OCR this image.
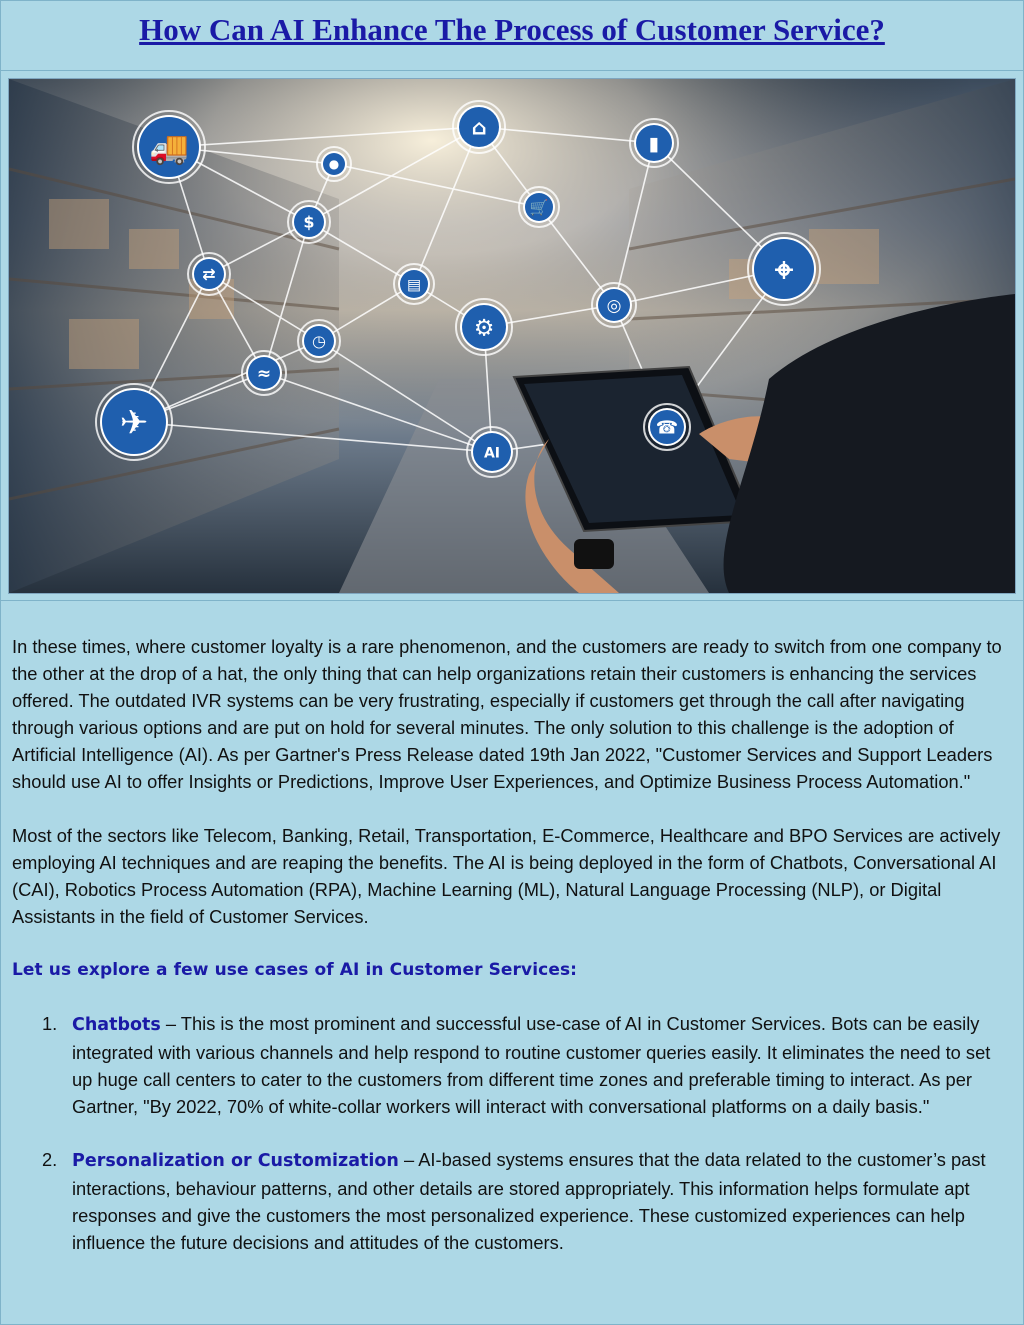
How Can AI Enhance The Process of Customer Service?
🚚
⌂
▮
●
🛒
$
⌖
⇄
▤
◎
⚙
◷
≈
✈
AI
☎

In these times, where customer loyalty is a rare phenomenon, and the customers are ready to switch from one company to the other at the drop of a hat, the only thing that can help organizations retain their customers is enhancing the services offered. The outdated IVR systems can be very frustrating, especially if customers get through the call after navigating through various options and are put on hold for several minutes. The only solution to this challenge is the adoption of Artificial Intelligence (AI). As per Gartner's Press Release dated 19th Jan 2022, "Customer Services and Support Leaders should use AI to offer Insights or Predictions, Improve User Experiences, and Optimize Business Process Automation."

Most of the sectors like Telecom, Banking, Retail, Transportation, E-Commerce, Healthcare and BPO Services are actively employing AI techniques and are reaping the benefits. The AI is being deployed in the form of Chatbots, Conversational AI (CAI), Robotics Process Automation (RPA), Machine Learning (ML), Natural Language Processing (NLP), or Digital Assistants in the field of Customer Services.

Let us explore a few use cases of AI in Customer Services:
1. Chatbots – This is the most prominent and successful use-case of AI in Customer Services. Bots can be easily integrated with various channels and help respond to routine customer queries easily. It eliminates the need to set up huge call centers to cater to the customers from different time zones and preferable timing to interact. As per Gartner, "By 2022, 70% of white-collar workers will interact with conversational platforms on a daily basis."
2. Personalization or Customization – AI-based systems ensures that the data related to the customer’s past interactions, behaviour patterns, and other details are stored appropriately. This information helps formulate apt responses and give the customers the most personalized experience. These customized experiences can help influence the future decisions and attitudes of the customers.
